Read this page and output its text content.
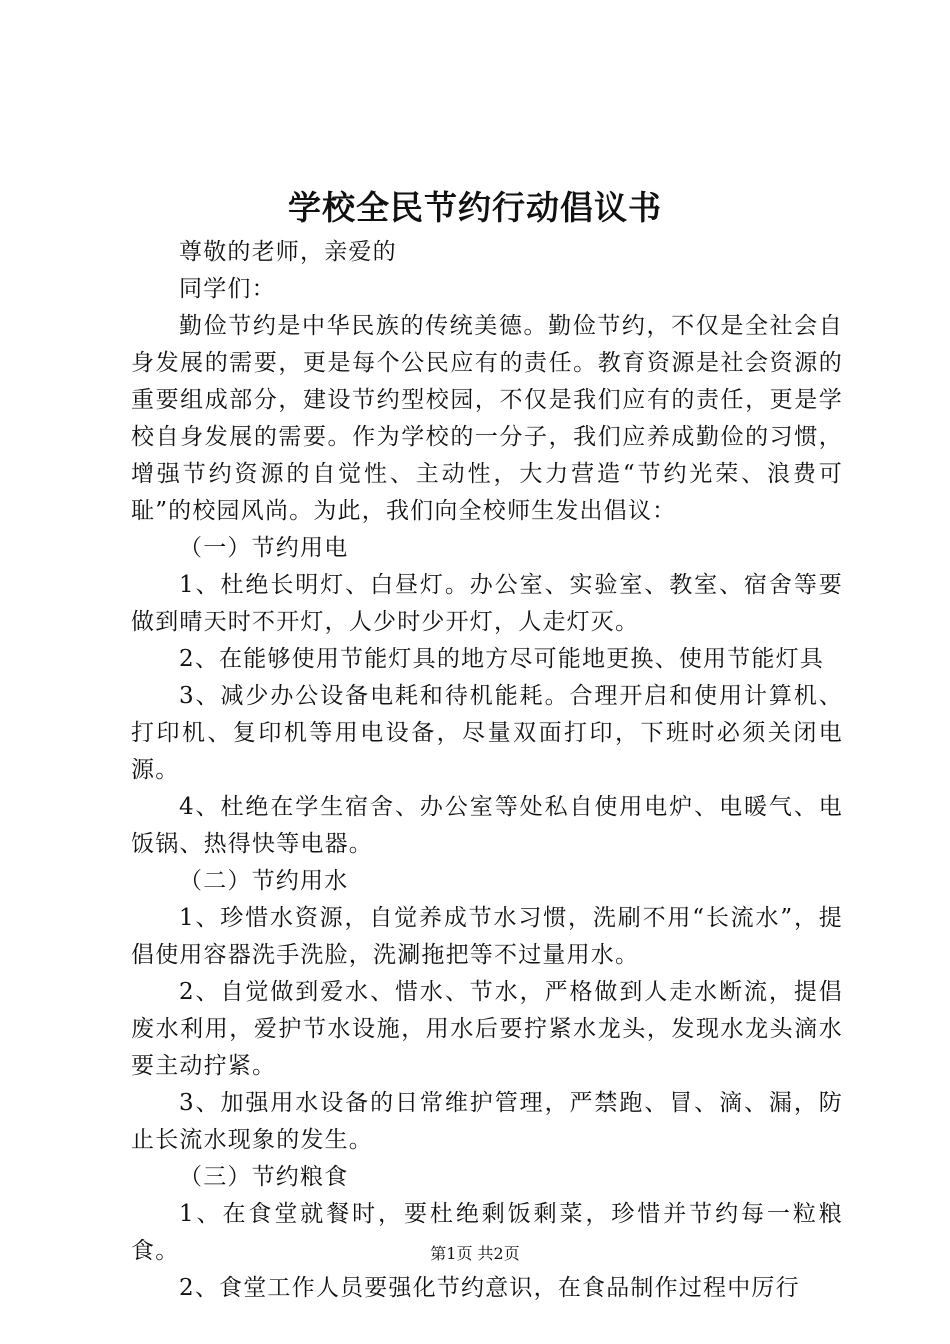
学校全民节约行动倡议书

尊敬的老师，亲爱的

同学们：

勤俭节约是中华民族的传统美德。勤俭节约，不仅是全社会自身发展的需要，更是每个公民应有的责任。教育资源是社会资源的重要组成部分，建设节约型校园，不仅是我们应有的责任，更是学校自身发展的需要。作为学校的一分子，我们应养成勤俭的习惯，增强节约资源的自觉性、主动性，大力营造“节约光荣、浪费可耻”的校园风尚。为此，我们向全校师生发出倡议：

（一）节约用电

1、杜绝长明灯、白昼灯。办公室、实验室、教室、宿舍等要做到晴天时不开灯，人少时少开灯，人走灯灭。

2、在能够使用节能灯具的地方尽可能地更换、使用节能灯具

3、减少办公设备电耗和待机能耗。合理开启和使用计算机、打印机、复印机等用电设备，尽量双面打印，下班时必须关闭电源。

4、杜绝在学生宿舍、办公室等处私自使用电炉、电暖气、电饭锅、热得快等电器。

（二）节约用水

1、珍惜水资源，自觉养成节水习惯，洗刷不用“长流水”，提倡使用容器洗手洗脸，洗涮拖把等不过量用水。

2、自觉做到爱水、惜水、节水，严格做到人走水断流，提倡废水利用，爱护节水设施，用水后要拧紧水龙头，发现水龙头滴水要主动拧紧。

3、加强用水设备的日常维护管理，严禁跑、冒、滴、漏，防止长流水现象的发生。

（三）节约粮食

1、在食堂就餐时，要杜绝剩饭剩菜，珍惜并节约每一粒粮食。

2、食堂工作人员要强化节约意识，在食品制作过程中厉行

第1页 共2页
